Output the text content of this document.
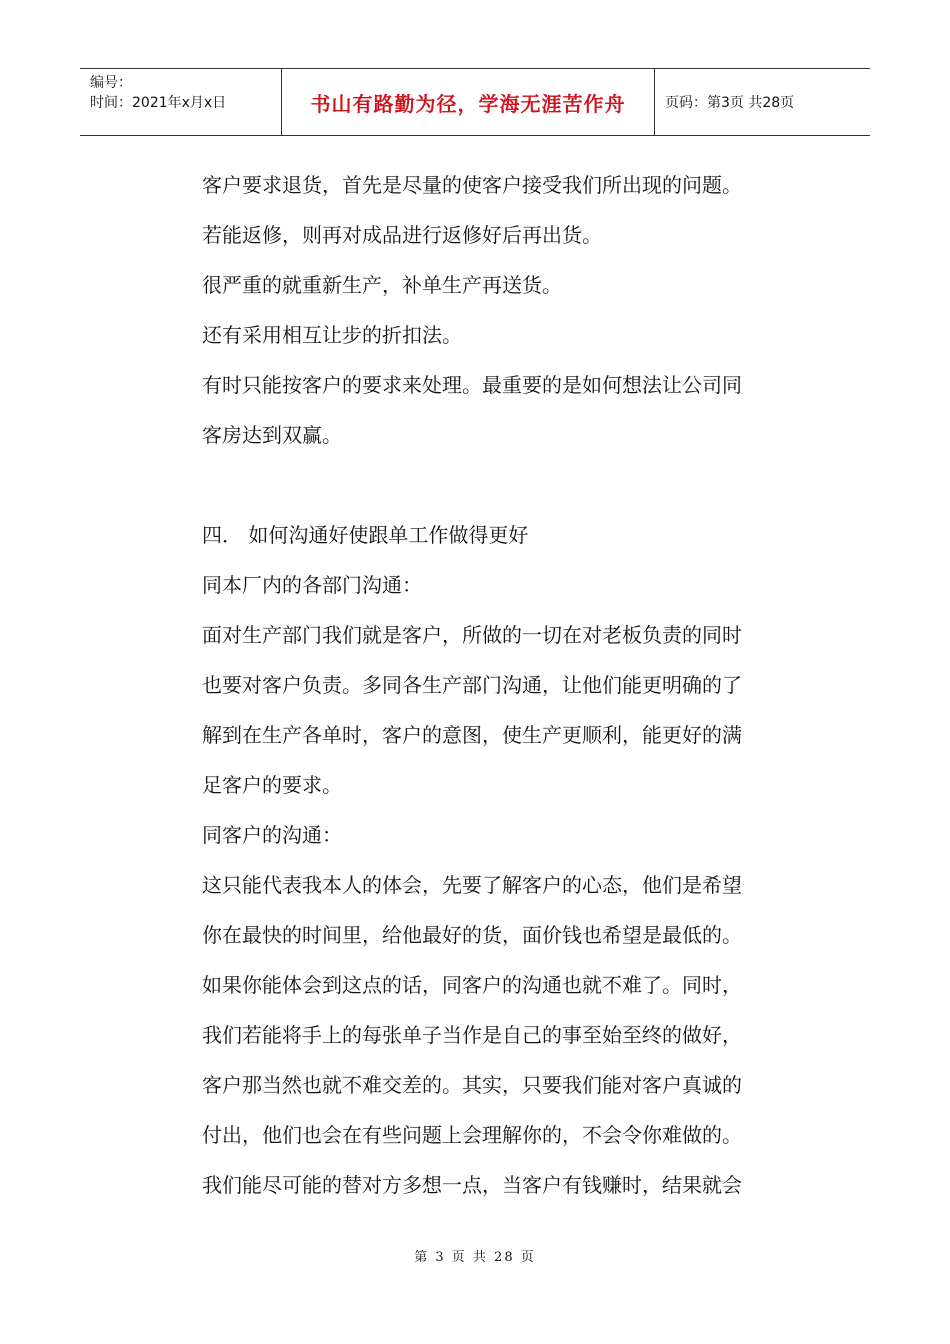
编号：
时间：2021年x月x日	书山有路勤为径，学海无涯苦作舟	页码：第3页 共28页
客户要求退货，首先是尽量的使客户接受我们所出现的问题。
若能返修，则再对成品进行返修好后再出货。
很严重的就重新生产，补单生产再送货。
还有采用相互让步的折扣法。
有时只能按客户的要求来处理。最重要的是如何想法让公司同
客房达到双赢。
四． 如何沟通好使跟单工作做得更好
同本厂内的各部门沟通：
面对生产部门我们就是客户，所做的一切在对老板负责的同时
也要对客户负责。多同各生产部门沟通，让他们能更明确的了
解到在生产各单时，客户的意图，使生产更顺利，能更好的满
足客户的要求。
同客户的沟通：
这只能代表我本人的体会，先要了解客户的心态，他们是希望
你在最快的时间里，给他最好的货，面价钱也希望是最低的。
如果你能体会到这点的话，同客户的沟通也就不难了。同时，
我们若能将手上的每张单子当作是自己的事至始至终的做好，
客户那当然也就不难交差的。其实，只要我们能对客户真诚的
付出，他们也会在有些问题上会理解你的，不会令你难做的。
我们能尽可能的替对方多想一点，当客户有钱赚时，结果就会
第 3 页 共 28 页
